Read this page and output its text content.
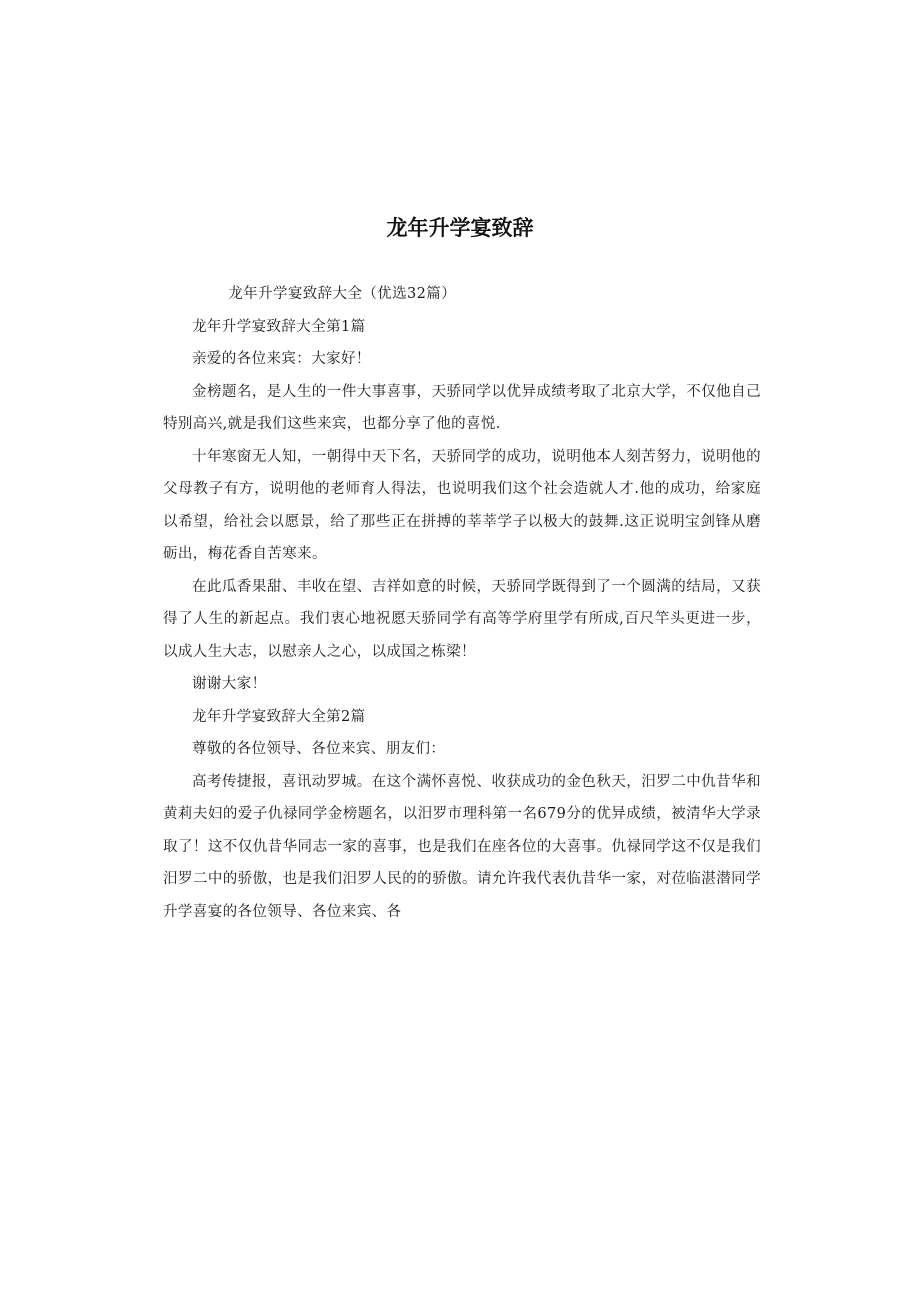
龙年升学宴致辞

龙年升学宴致辞大全（优选32篇）

龙年升学宴致辞大全第1篇

亲爱的各位来宾：大家好！

金榜题名，是人生的一件大事喜事，天骄同学以优异成绩考取了北京大学，不仅他自己特别高兴,就是我们这些来宾，也都分享了他的喜悦.

十年寒窗无人知，一朝得中天下名，天骄同学的成功，说明他本人刻苦努力，说明他的父母教子有方，说明他的老师育人得法，也说明我们这个社会造就人才.他的成功，给家庭以希望，给社会以愿景，给了那些正在拼搏的莘莘学子以极大的鼓舞.这正说明宝剑锋从磨砺出，梅花香自苦寒来。

在此瓜香果甜、丰收在望、吉祥如意的时候，天骄同学既得到了一个圆满的结局，又获得了人生的新起点。我们衷心地祝愿天骄同学有高等学府里学有所成,百尺竿头更进一步，以成人生大志，以慰亲人之心，以成国之栋梁！

谢谢大家！

龙年升学宴致辞大全第2篇

尊敬的各位领导、各位来宾、朋友们：

高考传捷报，喜讯动罗城。在这个满怀喜悦、收获成功的金色秋天，汨罗二中仇昔华和黄莉夫妇的爱子仇禄同学金榜题名，以汨罗市理科第一名679分的优异成绩，被清华大学录取了！这不仅仇昔华同志一家的喜事，也是我们在座各位的大喜事。仇禄同学这不仅是我们汨罗二中的骄傲，也是我们汨罗人民的的骄傲。请允许我代表仇昔华一家，对莅临湛潜同学升学喜宴的各位领导、各位来宾、各
